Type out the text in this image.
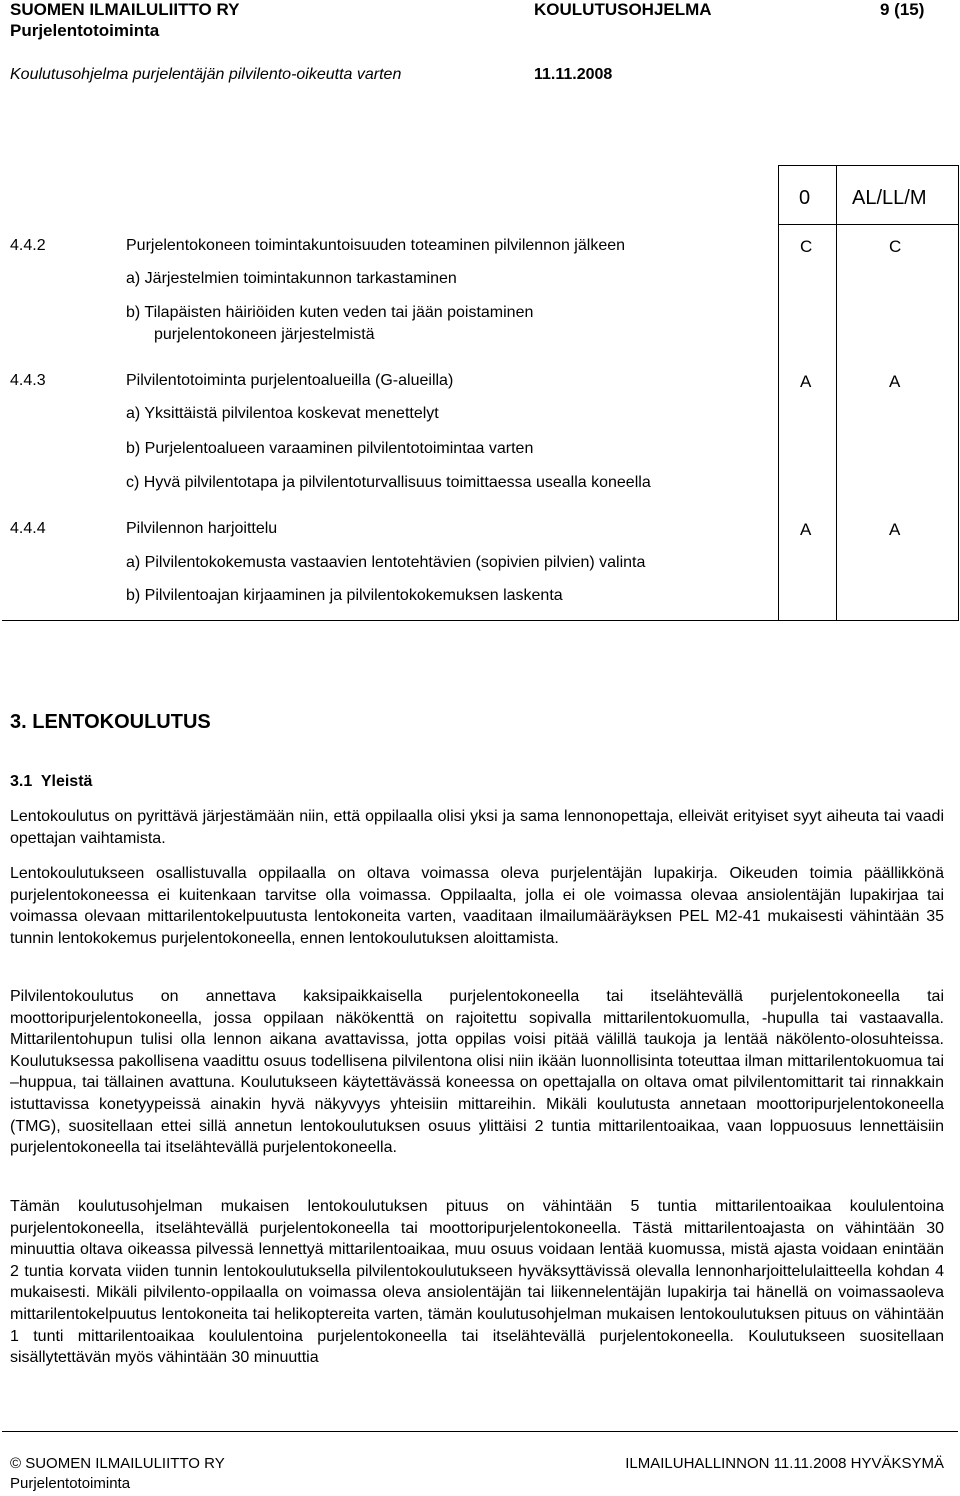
SUOMEN ILMAILULIITTO RY
Purjelentotoiminta
KOULUTUSOHJELMA	9 (15)
Koulutusohjelma purjelentäjän pilvilento-oikeutta varten	11.11.2008
0 AL/LL/M
4.4.2	Purjelentokoneen toimintakuntoisuuden toteaminen pilvilennon jälkeen	C	C
a) Järjestelmien toimintakunnon tarkastaminen
b) Tilapäisten häiriöiden kuten veden tai jään poistaminen
purjelentokoneen järjestelmistä
4.4.3	Pilvilentotoiminta purjelentoalueilla (G-alueilla)	A	A
a) Yksittäistä pilvilentoa koskevat menettelyt
b) Purjelentoalueen varaaminen pilvilentotoimintaa varten
c) Hyvä pilvilentotapa ja pilvilentoturvallisuus toimittaessa usealla koneella
4.4.4	Pilvilennon harjoittelu	A	A
a) Pilvilentokokemusta vastaavien lentotehtävien (sopivien pilvien) valinta
b) Pilvilentoajan kirjaaminen ja pilvilentokokemuksen laskenta
3. LENTOKOULUTUS
3.1  Yleistä

Lentokoulutus on pyrittävä järjestämään niin, että oppilaalla olisi yksi ja sama lennonopettaja, elleivät erityiset syyt aiheuta tai vaadi opettajan vaihtamista.

Lentokoulutukseen osallistuvalla oppilaalla on oltava voimassa oleva purjelentäjän lupakirja. Oikeuden toimia päällikkönä purjelentokoneessa ei kuitenkaan tarvitse olla voimassa. Oppilaalta, jolla ei ole voimassa olevaa ansiolentäjän lupakirjaa tai voimassa olevaan mittarilentokelpuutusta lentokoneita varten, vaaditaan ilmailumääräyksen PEL M2-41 mukaisesti vähintään 35 tunnin lentokokemus purjelentokoneella, ennen lentokoulutuksen aloittamista.

Pilvilentokoulutus on annettava kaksipaikkaisella purjelentokoneella tai itselähtevällä purjelentokoneella tai moottoripurjelentokoneella, jossa oppilaan näkökenttä on rajoitettu sopivalla mittarilentokuomulla, -hupulla tai vastaavalla. Mittarilentohupun tulisi olla lennon aikana avattavissa, jotta oppilas voisi pitää välillä taukoja ja lentää näkölento-olosuhteissa. Koulutuksessa pakollisena vaadittu osuus todellisena pilvilentona olisi niin ikään luonnollisinta toteuttaa ilman mittarilentokuomua tai –huppua, tai tällainen avattuna. Koulutukseen käytettävässä koneessa on opettajalla on oltava omat pilvilentomittarit tai rinnakkain istuttavissa konetyypeissä ainakin hyvä näkyvyys yhteisiin mittareihin. Mikäli koulutusta annetaan moottoripurjelentokoneella (TMG), suositellaan ettei sillä annetun lentokoulutuksen osuus ylittäisi 2 tuntia mittarilentoaikaa, vaan loppuosuus lennettäisiin purjelentokoneella tai itselähtevällä purjelentokoneella.

Tämän koulutusohjelman mukaisen lentokoulutuksen pituus on vähintään 5 tuntia mittarilentoaikaa koululentoina purjelentokoneella, itselähtevällä purjelentokoneella tai moottoripurjelentokoneella. Tästä mittarilentoajasta on vähintään 30 minuuttia oltava oikeassa pilvessä lennettyä mittarilentoaikaa, muu osuus voidaan lentää kuomussa, mistä ajasta voidaan enintään 2 tuntia korvata viiden tunnin lentokoulutuksella pilvilentokoulutukseen hyväksyttävissä olevalla lennonharjoittelulaitteella kohdan 4 mukaisesti. Mikäli pilvilento-oppilaalla on voimassa oleva ansiolentäjän tai liikennelentäjän lupakirja tai hänellä on voimassaoleva mittarilentokelpuutus lentokoneita tai helikoptereita varten, tämän koulutusohjelman mukaisen lentokoulutuksen pituus on vähintään 1 tunti mittarilentoaikaa koululentoina purjelentokoneella tai itselähtevällä purjelentokoneella. Koulutukseen suositellaan sisällytettävän myös vähintään 30 minuuttia

© SUOMEN ILMAILULIITTO RY
Purjelentotoiminta
ILMAILUHALLINNON 11.11.2008 HYVÄKSYMÄ
